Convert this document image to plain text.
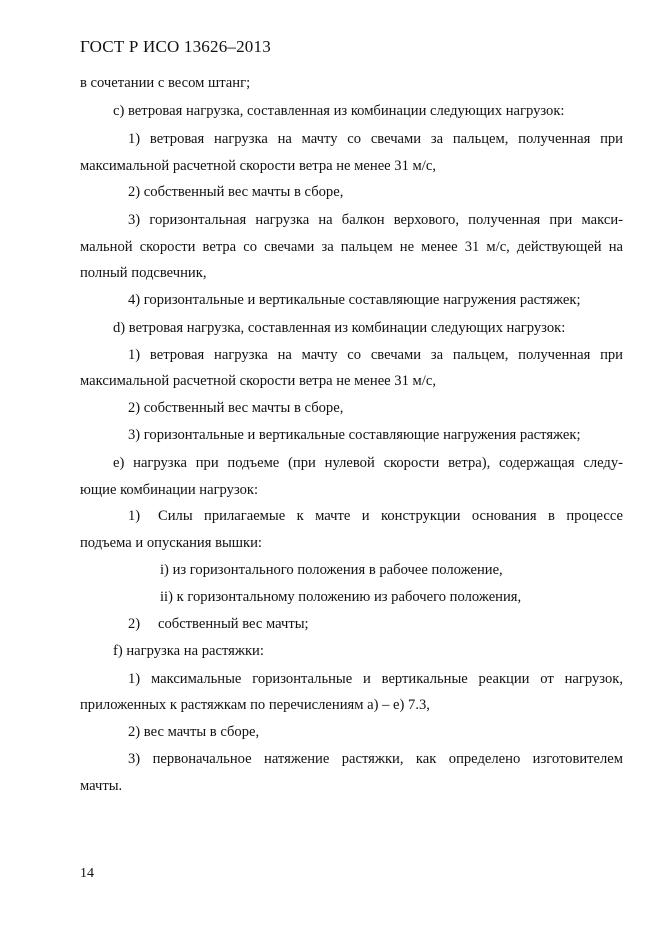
ГОСТ Р ИСО 13626–2013
в сочетании с весом штанг;
c) ветровая нагрузка, составленная из комбинации следующих нагрузок:
1) ветровая нагрузка на мачту со свечами за пальцем, полученная при
максимальной расчетной скорости ветра не менее 31 м/с,
2) собственный вес мачты в сборе,
3) горизонтальная нагрузка на балкон верхового, полученная при макси-
мальной скорости ветра со свечами за пальцем не менее 31 м/с, действующей на
полный подсвечник,
4) горизонтальные и вертикальные составляющие нагружения растяжек;
d) ветровая нагрузка, составленная из комбинации следующих нагрузок:
1) ветровая нагрузка на мачту со свечами за пальцем, полученная при
максимальной расчетной скорости ветра не менее 31 м/с,
2) собственный вес мачты в сборе,
3) горизонтальные и вертикальные составляющие нагружения растяжек;
e) нагрузка при подъеме (при нулевой скорости ветра), содержащая следу-
ющие комбинации нагрузок:
1)	Силы прилагаемые к мачте и конструкции основания в процессе
подъема и опускания вышки:
i) из горизонтального положения в рабочее положение,
ii) к горизонтальному положению из рабочего положения,
2) собственный вес мачты;
f) нагрузка на растяжки:
1) максимальные горизонтальные и вертикальные реакции от нагрузок,
приложенных к растяжкам по перечислениям a) – e) 7.3,
2) вес мачты в сборе,
3) первоначальное натяжение растяжки, как определено изготовителем
мачты.
14
